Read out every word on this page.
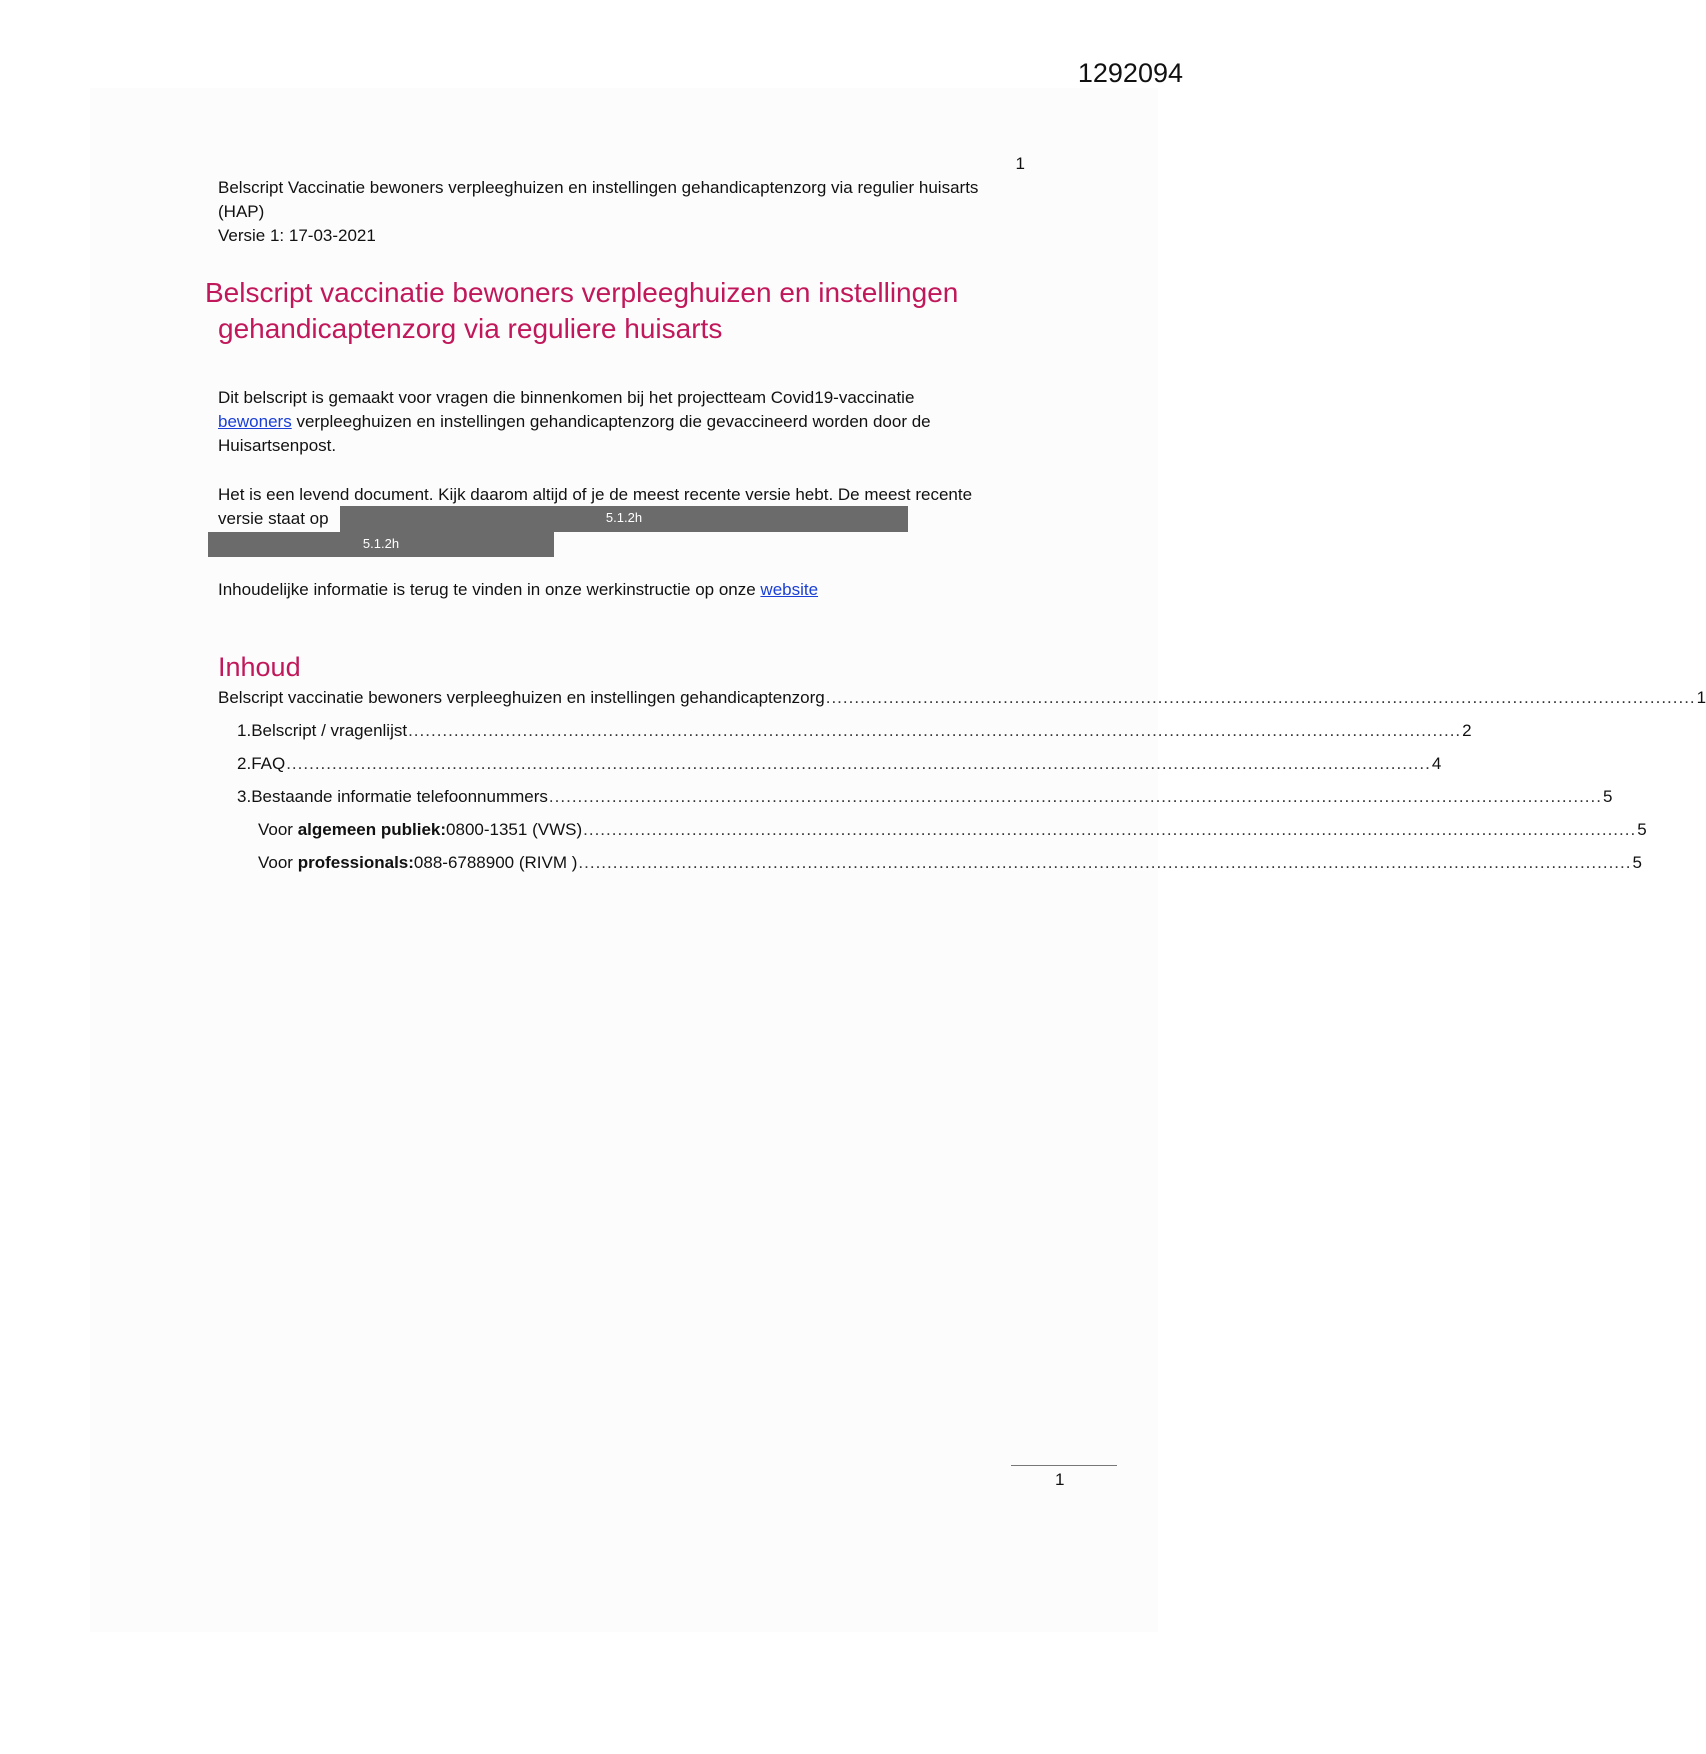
1292094
1
Belscript Vaccinatie bewoners verpleeghuizen en instellingen gehandicaptenzorg via regulier huisarts
(HAP)
Versie 1: 17-03-2021
Belscript vaccinatie bewoners verpleeghuizen en instellingen
gehandicaptenzorg via reguliere huisarts
Dit belscript is gemaakt voor vragen die binnenkomen bij het projectteam Covid19-vaccinatie
bewoners verpleeghuizen en instellingen gehandicaptenzorg die gevaccineerd worden door de
Huisartsenpost.
Het is een levend document. Kijk daarom altijd of je de meest recente versie hebt. De meest recente
versie staat op	5.1.2h
5.1.2h
Inhoudelijke informatie is terug te vinden in onze werkinstructie op onze website
Inhoud
Belscript vaccinatie bewoners verpleeghuizen en instellingen gehandicaptenzorg ........................................................................................................................................................ 1
1. Belscript / vragenlijst ........................................................................................................................................................................................ 2
2. FAQ ........................................................................................................................................................................................................ 4
3. Bestaande informatie telefoonnummers ........................................................................................................................................................................................ 5
Voor
algemeen publiek: 0800-1351 (VWS) ........................................................................................................................................................................................ 5
Voor
professionals: 088-6788900 (RIVM ) ........................................................................................................................................................................................ 5
1
